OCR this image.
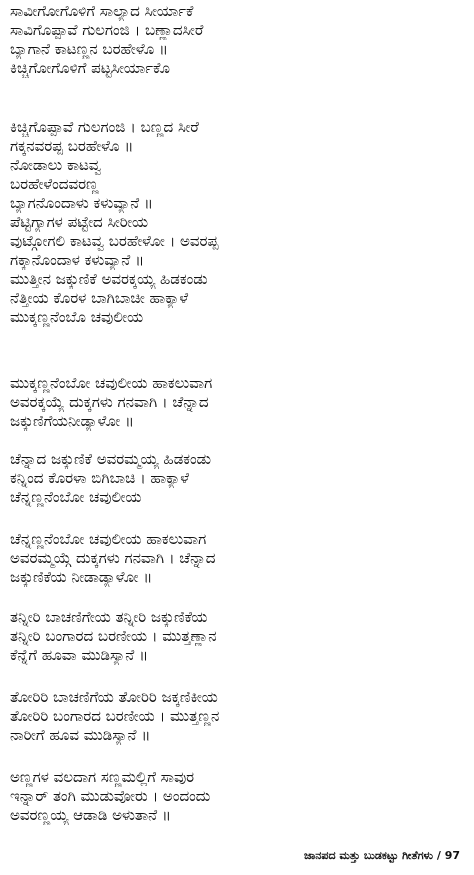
ಸಾವೀಗೋಗೊಳಿಗೆ ಸಾಲ್ಯಾದ ಸೀರ್ಯಾಕೆ
ಸಾವಿಗೊಪ್ಪಾವೆ ಗುಲಗಂಜಿ । ಬಣ್ಣಾದಸೀರೆ
ಬ್ಯಾಗಾನೆ ಕಾಟಣ್ಣನ ಬರಹೇಳೊ ॥
ಕಿಚ್ಚಿಗೋಗೊಳಿಗೆ ಪಟ್ಟಸೀರ್ಯಾಕೊ
ಕಿಚ್ಚಿಗೊಪ್ಪಾವೆ ಗುಲಗಂಜಿ । ಬಣ್ಣದ ಸೀರೆ
ಗಕ್ಕನವರಪ್ಪ ಬರಹೇಳೊ ॥
ನೋಡಾಲು ಕಾಟವ್ವ
ಬರಹೇಳೆಂದವರಣ್ಣ
ಬ್ಯಾಗನೊಂದಾಳು ಕಳುವ್ಯಾನೆ ॥
ಪೆಟ್ಟಿಗ್ಯಾಗಳ ಪಟ್ಟೇದ ಸೀರೀಯ
ವುಟ್ಗೋಗಲಿ ಕಾಟವ್ವ ಬರಹೇಳೋ । ಅವರಪ್ಪ
ಗಕ್ಕಾನೊಂದಾಳ ಕಳುವ್ಯಾನೆ ॥
ಮುತ್ತೀನ ಜಕ್ಕುಣಿಕೆ ಅವರಕ್ಕಯ್ಯ ಹಿಡಕಂಡು
ನೆತ್ತೀಯ ಕೊರಳ ಬಾಗಿಬಾಚೀ ಹಾಕ್ಯಾಳೆ
ಮುಕ್ಕಣ್ಣನೆಂಬೊ ಚವುಲೀಯ
ಮುಕ್ಕಣ್ಣನೆಂಬೋ ಚವುಲೀಯ ಹಾಕಲುವಾಗ
ಅವರಕ್ಕಯ್ಯೆ ದುಕ್ಕಗಳು ಗನವಾಗಿ । ಚೆನ್ನಾದ
ಜಕ್ಕುಣಿಗೆಯನೀಡ್ಯಾಳೋ ॥
ಚೆನ್ನಾದ ಜಕ್ಕುಣಿಕೆ ಅವರಮ್ಮಯ್ಯ ಹಿಡಕಂಡು
ಕನ್ನಿಂದ ಕೊರಳಾ ಬಿಗಿಬಾಚಿ । ಹಾಕ್ಯಾಳೆ
ಚೆನ್ನಣ್ಣನೆಂಬೋ ಚವುಲೀಯ
ಚೆನ್ನಣ್ಣನೆಂಬೋ ಚವುಲೀಯ ಹಾಕಲುವಾಗ
ಅವರಮ್ಮಯ್ಗೆ ದುಕ್ಕಗಳು ಗನವಾಗಿ । ಚೆನ್ನಾದ
ಜಕ್ಕುಣಿಕೆಯ ನೀಡಾಡ್ಯಾಳೋ ॥
ತನ್ನೀರಿ ಬಾಚಣಿಗೇಯ ತನ್ನೀರಿ ಜಕ್ಕುಣಿಕೆಯ
ತನ್ನೀರಿ ಬಂಗಾರದ ಬರಣೀಯ । ಮುತ್ತಣ್ಣಾನ
ಕೆನ್ನೆಗೆ ಹೂವಾ ಮುಡಿಸ್ಯಾನೆ ॥
ತೋರಿರಿ ಬಾಚಣಿಗೆಯ ತೋರಿರಿ ಜಕ್ಕಣಿಕೀಯ
ತೋರಿರಿ ಬಂಗಾರದ ಬರಣೀಯ । ಮುತ್ತಣ್ಣನ
ನಾರೀಗೆ ಹೂವ ಮುಡಿಸ್ಯಾನೆ ॥
ಅಣ್ಣಗಳ ವಲದಾಗ ಸಣ್ಣಮಲ್ಲಿಗೆ ಸಾವುರ
ಇನ್ನಾರ್ ತಂಗಿ ಮುಡುವೋರು । ಅಂದಂದು
ಅವರಣ್ಣಯ್ಯ ಆಡಾಡಿ ಅಳುತಾನೆ ॥
ಜಾನಪದ ಮತ್ತು ಬುಡಕಟ್ಟು ಗೀತೆಗಳು / 97
